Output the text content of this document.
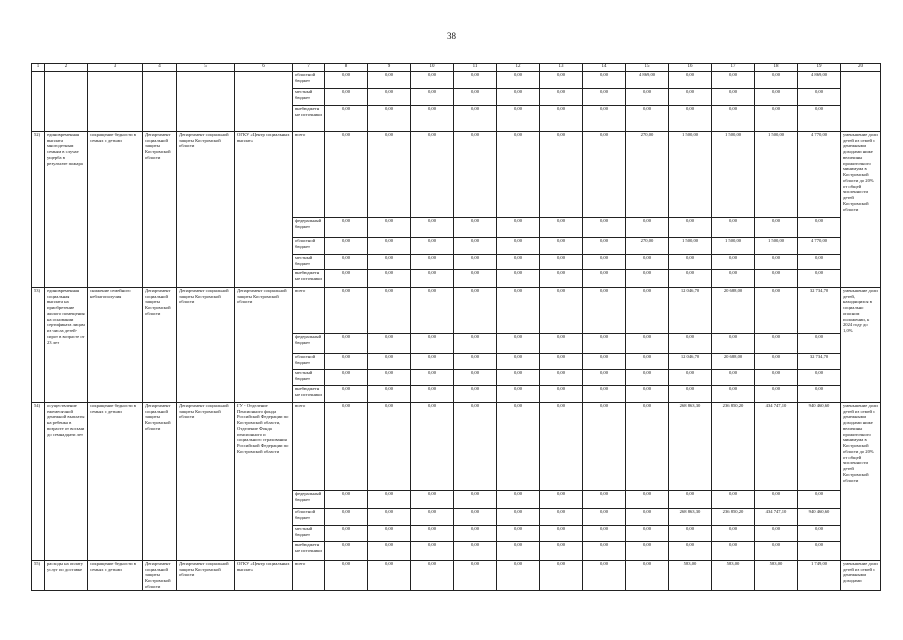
38
1	2	3	4	5	6	7	8	9	10	11	12	13	14	15	16	17	18	19	20
						областной бюджет	0,00	0,00	0,00	0,00	0,00	0,00	0,00	4 869,00	0,00	0,00	0,00	4 869,00	
						местный бюджет	0,00	0,00	0,00	0,00	0,00	0,00	0,00	0,00	0,00	0,00	0,00	0,00	
						внебюджетные источники	0,00	0,00	0,00	0,00	0,00	0,00	0,00	0,00	0,00	0,00	0,00	0,00	
52)	единовременная выплата многодетным семьям в случае ущерба в результате пожара	сокращение бедности в семьях с детьми	Департамент социальной защиты Костромской области	Департамент социальной защиты Костромской области	ОГКУ «Центр социальных выплат»	всего	0,00	0,00	0,00	0,00	0,00	0,00	0,00	270,00	1 500,00	1 500,00	1 500,00	4 770,00	уменьшение доли детей из семей с денежными доходами ниже величины прожиточного минимума в Костромской области до 20% от общей численности детей Костромской области
						федеральный бюджет	0,00	0,00	0,00	0,00	0,00	0,00	0,00	0,00	0,00	0,00	0,00	0,00	
						областной бюджет	0,00	0,00	0,00	0,00	0,00	0,00	0,00	270,00	1 500,00	1 500,00	1 500,00	4 770,00	
						местный бюджет	0,00	0,00	0,00	0,00	0,00	0,00	0,00	0,00	0,00	0,00	0,00	0,00	
						внебюджетные источники	0,00	0,00	0,00	0,00	0,00	0,00	0,00	0,00	0,00	0,00	0,00	0,00	
53)	единовременная социальная выплата на приобретение жилого помещения на основании сертификата лицам из числа детей-сирот в возрасте от 23 лет	снижение семейного неблагополучия	Департамент социальной защиты Костромской области	Департамент социальной защиты Костромской области	Департамент социальной защиты Костромской области	всего	0,00	0,00	0,00	0,00	0,00	0,00	0,00	0,00	12 046,70	20 688,00	0,00	32 734,70	уменьшение доли детей, находящихся в социально опасном положении, к 2024 году до 1,0%
						федеральный бюджет	0,00	0,00	0,00	0,00	0,00	0,00	0,00	0,00	0,00	0,00	0,00	0,00	
						областной бюджет	0,00	0,00	0,00	0,00	0,00	0,00	0,00	0,00	12 046,70	20 688,00	0,00	32 734,70	
						местный бюджет	0,00	0,00	0,00	0,00	0,00	0,00	0,00	0,00	0,00	0,00	0,00	0,00	
						внебюджетные источники	0,00	0,00	0,00	0,00	0,00	0,00	0,00	0,00	0,00	0,00	0,00	0,00	
54)	осуществление ежемесячной денежной выплаты на ребенка в возрасте от восьми до семнадцати лет	сокращение бедности в семьях с детьми	Департамент социальной защиты Костромской области	Департамент социальной защиты Костромской области	ГУ - Отделение Пенсионного фонда Российской Федерации по Костромской области, Отделение Фонда пенсионного и социального страхования Российской Федерации по Костромской области	всего	0,00	0,00	0,00	0,00	0,00	0,00	0,00	0,00	268 863,30	236 850,20	434 747,10	940 460,60	уменьшение доли детей из семей с денежными доходами ниже величины прожиточного минимума в Костромской области до 20% от общей численности детей Костромской области
						федеральный бюджет	0,00	0,00	0,00	0,00	0,00	0,00	0,00	0,00	0,00	0,00	0,00	0,00	
						областной бюджет	0,00	0,00	0,00	0,00	0,00	0,00	0,00	0,00	268 863,30	236 850,20	434 747,10	940 460,60	
						местный бюджет	0,00	0,00	0,00	0,00	0,00	0,00	0,00	0,00	0,00	0,00	0,00	0,00	
						внебюджетные источники	0,00	0,00	0,00	0,00	0,00	0,00	0,00	0,00	0,00	0,00	0,00	0,00	
55)	расходы на оплату услуг по доставке	сокращение бедности в семьях с детьми	Департамент социальной защиты Костромской области	Департамент социальной защиты Костромской области	ОГКУ «Центр социальных выплат»	всего	0,00	0,00	0,00	0,00	0,00	0,00	0,00	0,00	583,00	583,00	583,00	1 749,00	уменьшение доли детей из семей с денежными доходами
